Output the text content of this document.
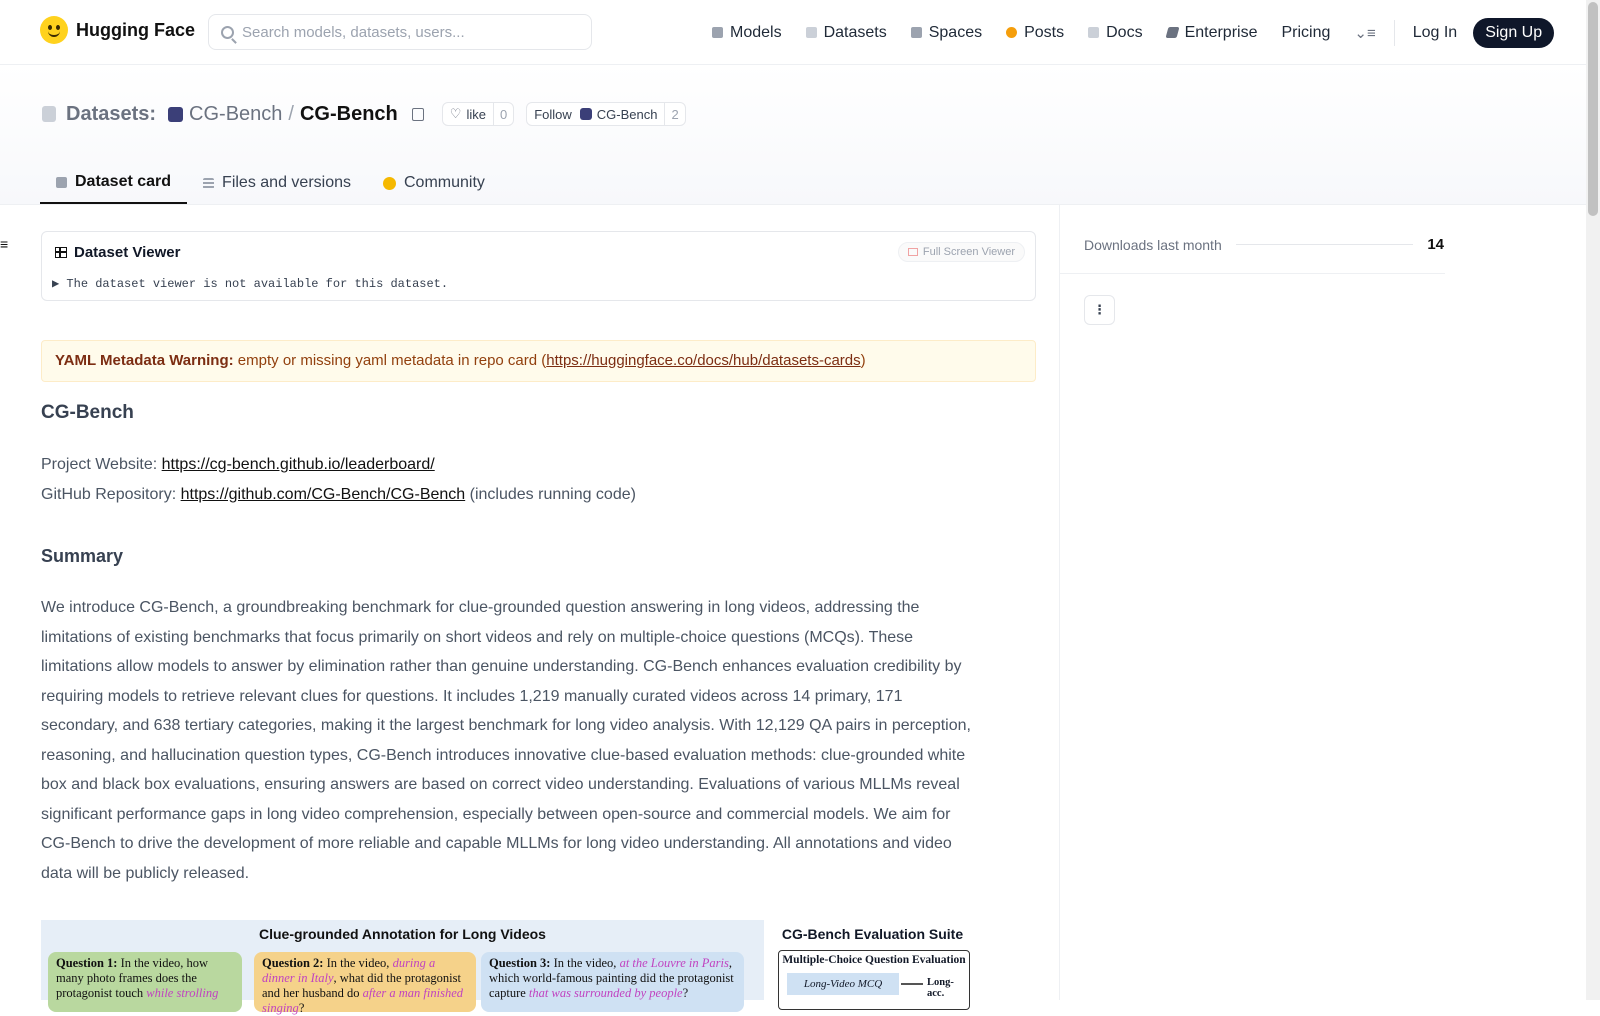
Hugging Face
Search models, datasets, users...	Models	Datasets	Spaces	Posts	Docs	Enterprise Pricing ⌄≡ Log In	Sign Up
Datasets: CG-Bench / CG-Bench	♡ like	0	Follow CG-Bench	2
Dataset card	Files and versions	Community
≡	Dataset Viewer	Full Screen Viewer
▶ The dataset viewer is not available for this dataset.
YAML Metadata Warning: empty or missing yaml metadata in repo card (https://huggingface.co/docs/hub/datasets-cards)
CG-Bench
Project Website: https://cg-bench.github.io/leaderboard/
GitHub Repository: https://github.com/CG-Bench/CG-Bench (includes running code)
Summary

We introduce CG-Bench, a groundbreaking benchmark for clue-grounded question answering in long videos, addressing the limitations of existing benchmarks that focus primarily on short videos and rely on multiple-choice questions (MCQs). These limitations allow models to answer by elimination rather than genuine understanding. CG-Bench enhances evaluation credibility by requiring models to retrieve relevant clues for questions. It includes 1,219 manually curated videos across 14 primary, 171 secondary, and 638 tertiary categories, making it the largest benchmark for long video analysis. With 12,129 QA pairs in perception, reasoning, and hallucination question types, CG-Bench introduces innovative clue-based evaluation methods: clue-grounded white box and black box evaluations, ensuring answers are based on correct video understanding. Evaluations of various MLLMs reveal significant performance gaps in long video comprehension, especially between open-source and commercial models. We aim for CG-Bench to drive the development of more reliable and capable MLLMs for long video understanding. All annotations and video data will be publicly released.

Clue-grounded Annotation for Long Videos
Question 1: In the video, how many photo frames does the protagonist touch while strolling
Question 2: In the video, during a dinner in Italy, what did the protagonist and her husband do after a man finished singing?
Question 3: In the video, at the Louvre in Paris, which world-famous painting did the protagonist capture that was surrounded by people?
CG-Bench Evaluation Suite
Multiple-Choice Question Evaluation
Long-Video MCQ	Long-acc.
Downloads last month	14
⋮
